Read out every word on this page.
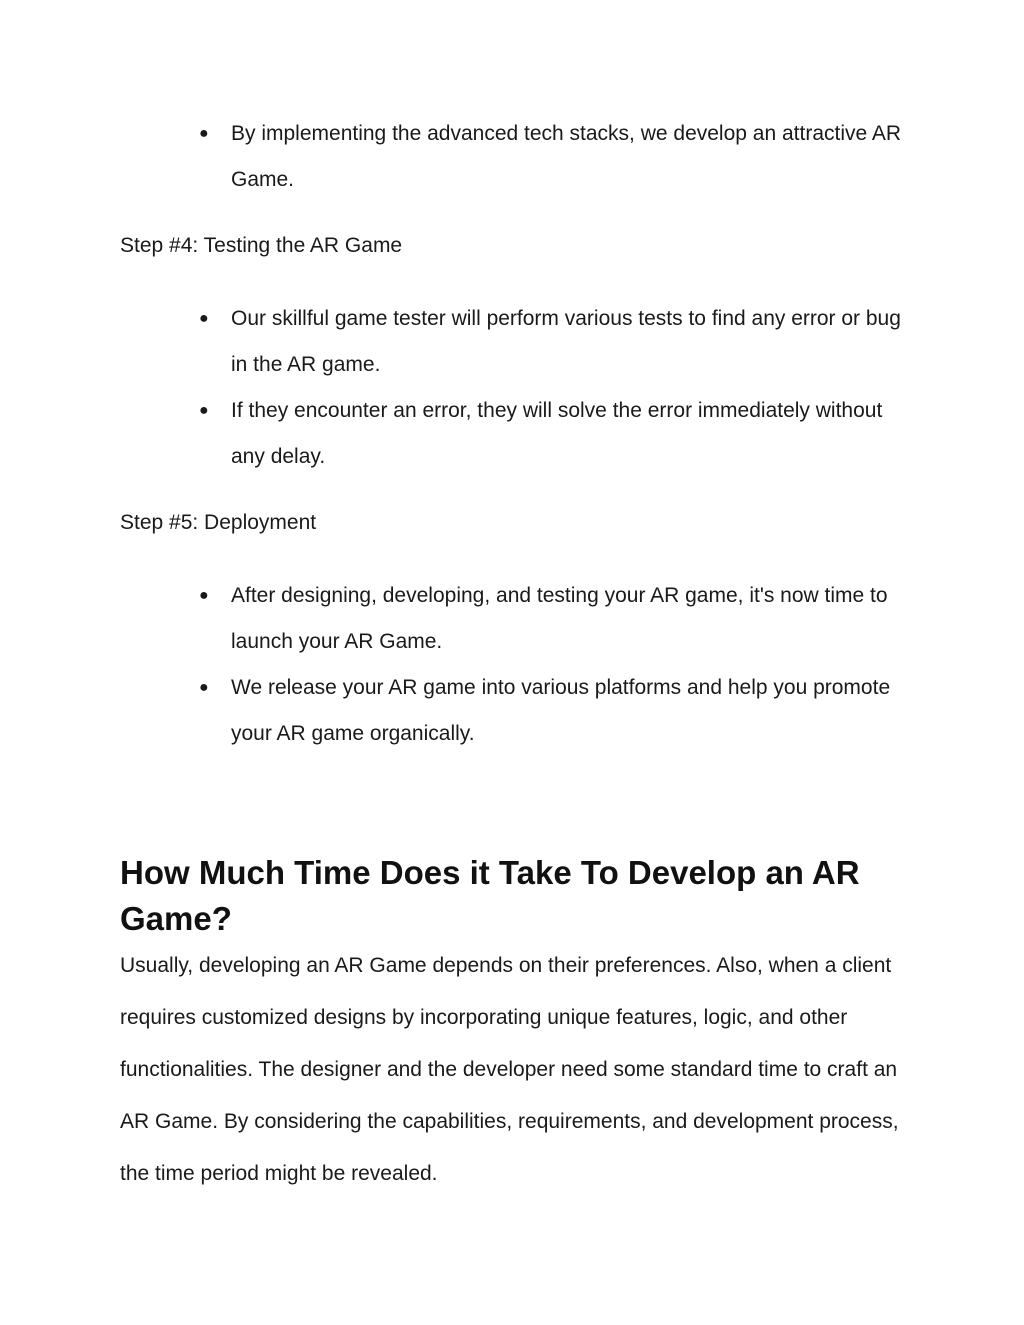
● By implementing the advanced tech stacks, we develop an attractive AR Game.
Step #4: Testing the AR Game
● Our skillful game tester will perform various tests to find any error or bug in the AR game.
● If they encounter an error, they will solve the error immediately without any delay.
Step #5: Deployment
● After designing, developing, and testing your AR game, it's now time to launch your AR Game.
● We release your AR game into various platforms and help you promote your AR game organically.
How Much Time Does it Take To Develop an AR Game?

Usually, developing an AR Game depends on their preferences. Also, when a client requires customized designs by incorporating unique features, logic, and other functionalities. The designer and the developer need some standard time to craft an AR Game. By considering the capabilities, requirements, and development process, the time period might be revealed.
